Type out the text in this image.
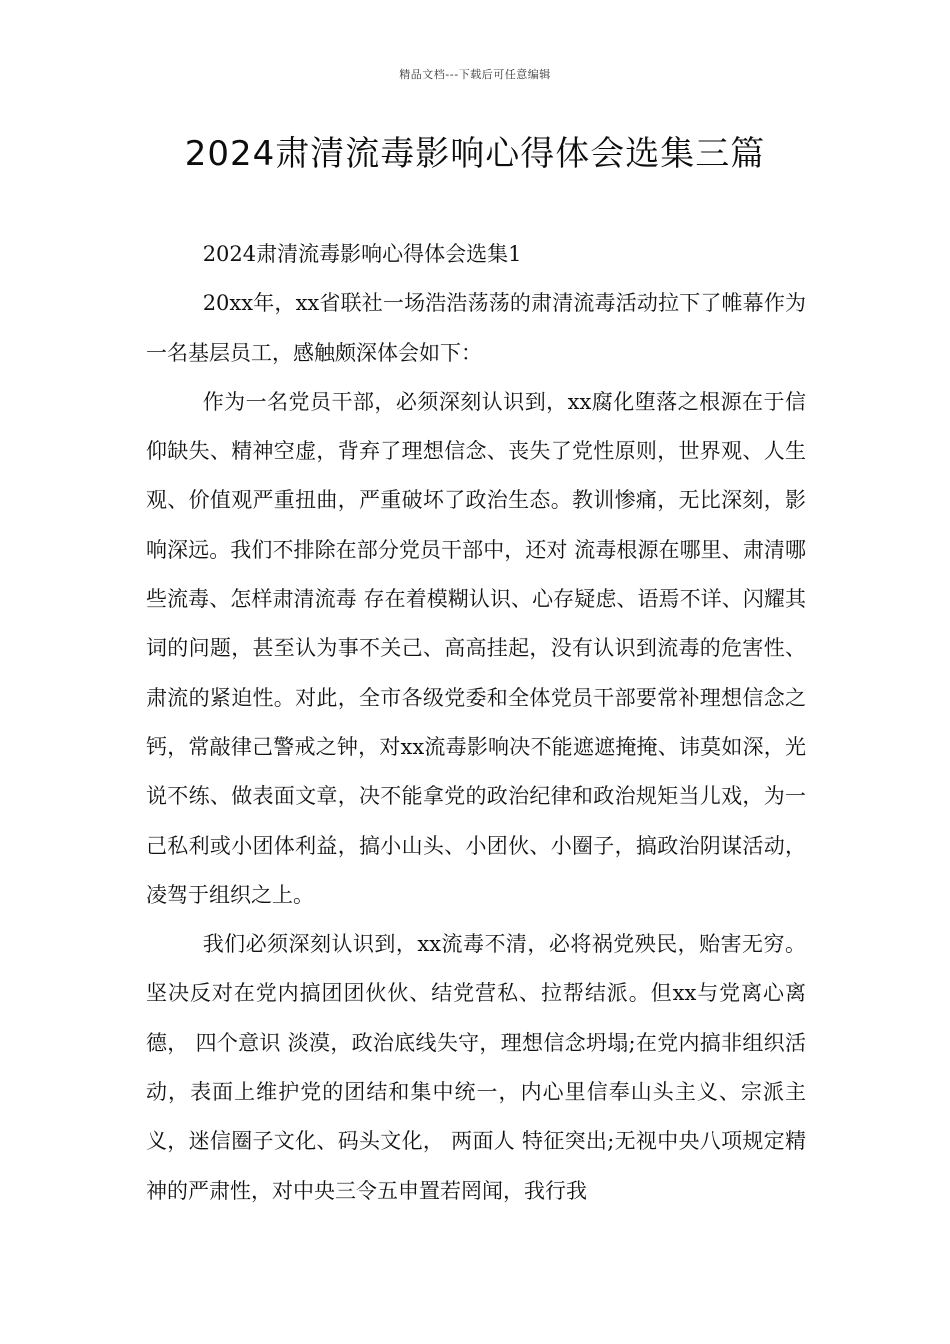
精品文档---下载后可任意编辑
2024肃清流毒影响心得体会选集三篇

2024肃清流毒影响心得体会选集1

20xx年，xx省联社一场浩浩荡荡的肃清流毒活动拉下了帷幕作为一名基层员工，感触颇深体会如下：

作为一名党员干部，必须深刻认识到，xx腐化堕落之根源在于信仰缺失、精神空虚，背弃了理想信念、丧失了党性原则，世界观、人生观、价值观严重扭曲，严重破坏了政治生态。教训惨痛，无比深刻，影响深远。我们不排除在部分党员干部中，还对 流毒根源在哪里、肃清哪些流毒、怎样肃清流毒 存在着模糊认识、心存疑虑、语焉不详、闪耀其词的问题，甚至认为事不关己、高高挂起，没有认识到流毒的危害性、肃流的紧迫性。对此，全市各级党委和全体党员干部要常补理想信念之钙，常敲律己警戒之钟，对xx流毒影响决不能遮遮掩掩、讳莫如深，光说不练、做表面文章，决不能拿党的政治纪律和政治规矩当儿戏，为一己私利或小团体利益，搞小山头、小团伙、小圈子，搞政治阴谋活动，凌驾于组织之上。

我们必须深刻认识到，xx流毒不清，必将祸党殃民，贻害无穷。坚决反对在党内搞团团伙伙、结党营私、拉帮结派。但xx与党离心离德， 四个意识 淡漠，政治底线失守，理想信念坍塌;在党内搞非组织活动，表面上维护党的团结和集中统一，内心里信奉山头主义、宗派主义，迷信圈子文化、码头文化， 两面人 特征突出;无视中央八项规定精神的严肃性，对中央三令五申置若罔闻，我行我
